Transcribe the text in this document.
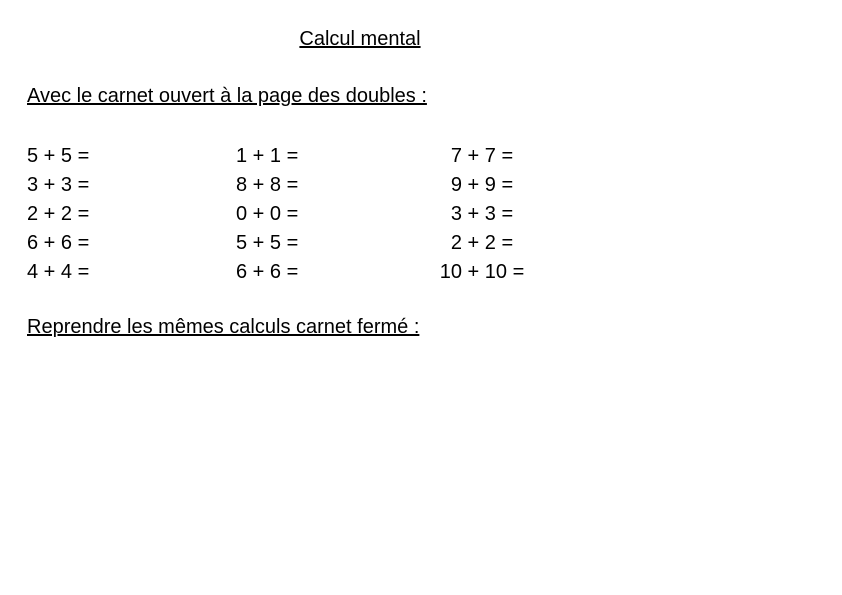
Calcul mental
Avec le carnet ouvert à la page des doubles :
5 + 5 =
3 + 3 =
2 + 2 =
6 + 6 =
4 + 4 =
1 + 1 =
8 + 8 =
0 + 0 =
5 + 5 =
6 + 6 =
7 + 7 =
9 + 9 =
3 + 3 =
2 + 2 =
10 + 10 =
Reprendre les mêmes calculs carnet fermé :
